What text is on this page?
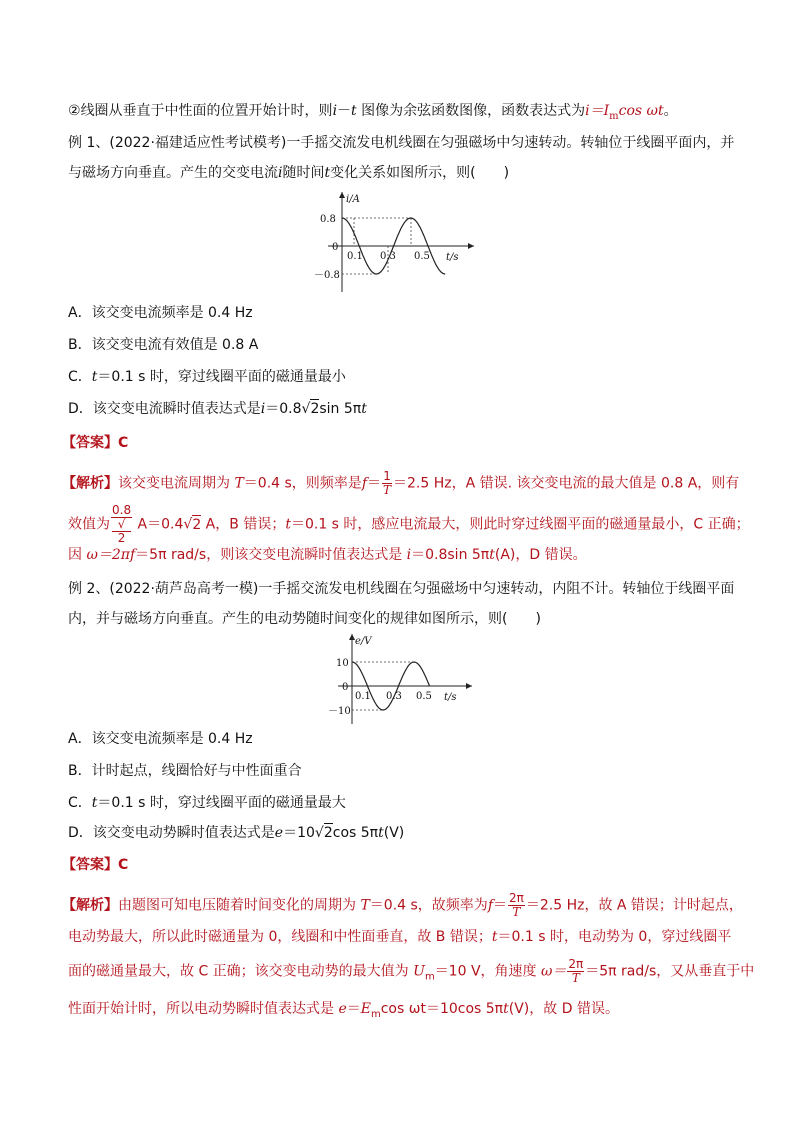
②线圈从垂直于中性面的位置开始计时，则i－t 图像为余弦函数图像，函数表达式为$i=I_m\cos$ ωt。
例 1、(2022·福建适应性考试模考)一手摇交流发电机线圈在匀强磁场中匀速转动。转轴位于线圈平面内，并
与磁场方向垂直。产生的交变电流i随时间t变化关系如图所示，则(　　)
i/A
0.8
0
－0.8
0.1 0.3 0.5 t/s
A．该交变电流频率是 0.4 Hz
B．该交变电流有效值是 0.8 A
C．t＝0.1 s 时，穿过线圈平面的磁通量最小
D．该交变电流瞬时值表达式是i＝0.8√2sin 5πt
【答案】C
【解析】该交变电流周期为 T＝0.4 s，则频率是$f= \frac{1}{T} =2.5$ Hz，A 错误. 该交变电流的最大值是 0.8 A，则有
效值为 0.8
√
2 A＝0.4√2 A，B 错误；t＝0.1 s 时，感应电流最大，则此时穿过线圈平面的磁通量最小，C 正确；
因 ω＝2πf＝5π rad/s，则该交变电流瞬时值表达式是 i＝0.8sin 5πt(A)，D 错误。
例 2、(2022·葫芦岛高考一模)一手摇交流发电机线圈在匀强磁场中匀速转动，内阻不计。转轴位于线圈平面
内，并与磁场方向垂直。产生的电动势随时间变化的规律如图所示，则(　　)
e/V
10
0
－10
0.1 0.3 0.5 t/s
A．该交变电流频率是 0.4 Hz
B．计时起点，线圈恰好与中性面重合
C．t＝0.1 s 时，穿过线圈平面的磁通量最大
D．该交变电动势瞬时值表达式是e＝10√2cos 5πt(V)
【答案】C
【解析】由题图可知电压随着时间变化的周期为 T＝0.4 s，故频率为$f= \frac{2\pi}{T} =2.5$ Hz，故 A 错误；计时起点，
电动势最大，所以此时磁通量为 0，线圈和中性面垂直，故 B 错误；t＝0.1 s 时，电动势为 0，穿过线圈平
面的磁通量最大，故 C 正确；该交变电动势的最大值为 $U_m=10$ V，角速度 $\omega= \frac{2\pi}{T} =5\pi$ rad/s，又从垂直于中
性面开始计时，所以电动势瞬时值表达式是 $e=E_m\cos$ ωt＝10cos 5πt(V)，故 D 错误。
